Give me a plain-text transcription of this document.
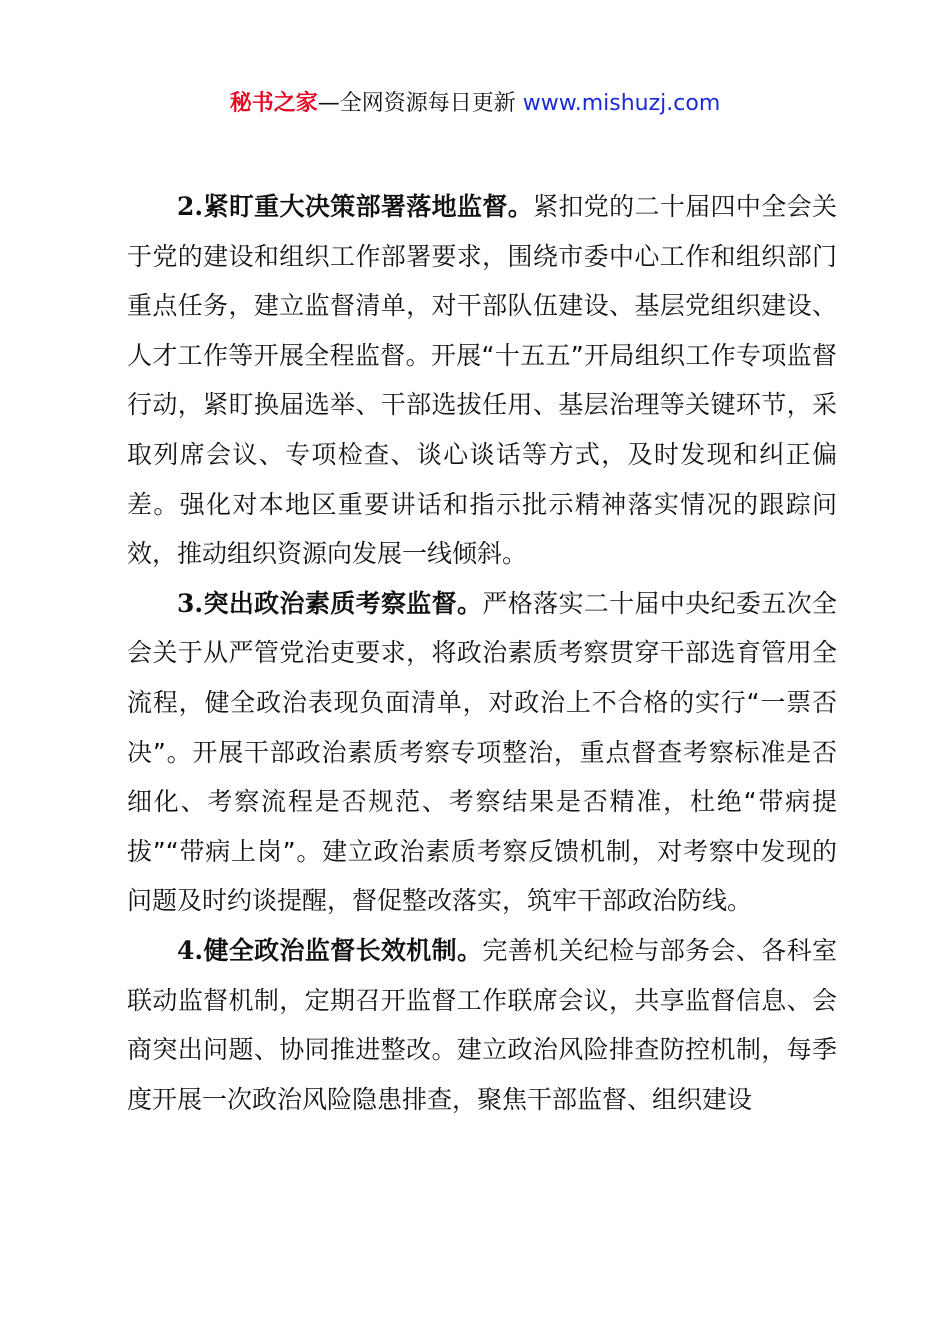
秘书之家—全网资源每日更新 www.mishuzj.com

2.紧盯重大决策部署落地监督。紧扣党的二十届四中全会关于党的建设和组织工作部署要求，围绕市委中心工作和组织部门重点任务，建立监督清单，对干部队伍建设、基层党组织建设、人才工作等开展全程监督。开展“十五五”开局组织工作专项监督行动，紧盯换届选举、干部选拔任用、基层治理等关键环节，采取列席会议、专项检查、谈心谈话等方式，及时发现和纠正偏差。强化对本地区重要讲话和指示批示精神落实情况的跟踪问效，推动组织资源向发展一线倾斜。

3.突出政治素质考察监督。严格落实二十届中央纪委五次全会关于从严管党治吏要求，将政治素质考察贯穿干部选育管用全流程，健全政治表现负面清单，对政治上不合格的实行“一票否决”。开展干部政治素质考察专项整治，重点督查考察标准是否细化、考察流程是否规范、考察结果是否精准，杜绝“带病提拔”“带病上岗”。建立政治素质考察反馈机制，对考察中发现的问题及时约谈提醒，督促整改落实，筑牢干部政治防线。

4.健全政治监督长效机制。完善机关纪检与部务会、各科室联动监督机制，定期召开监督工作联席会议，共享监督信息、会商突出问题、协同推进整改。建立政治风险排查防控机制，每季度开展一次政治风险隐患排查，聚焦干部监督、组织建设
